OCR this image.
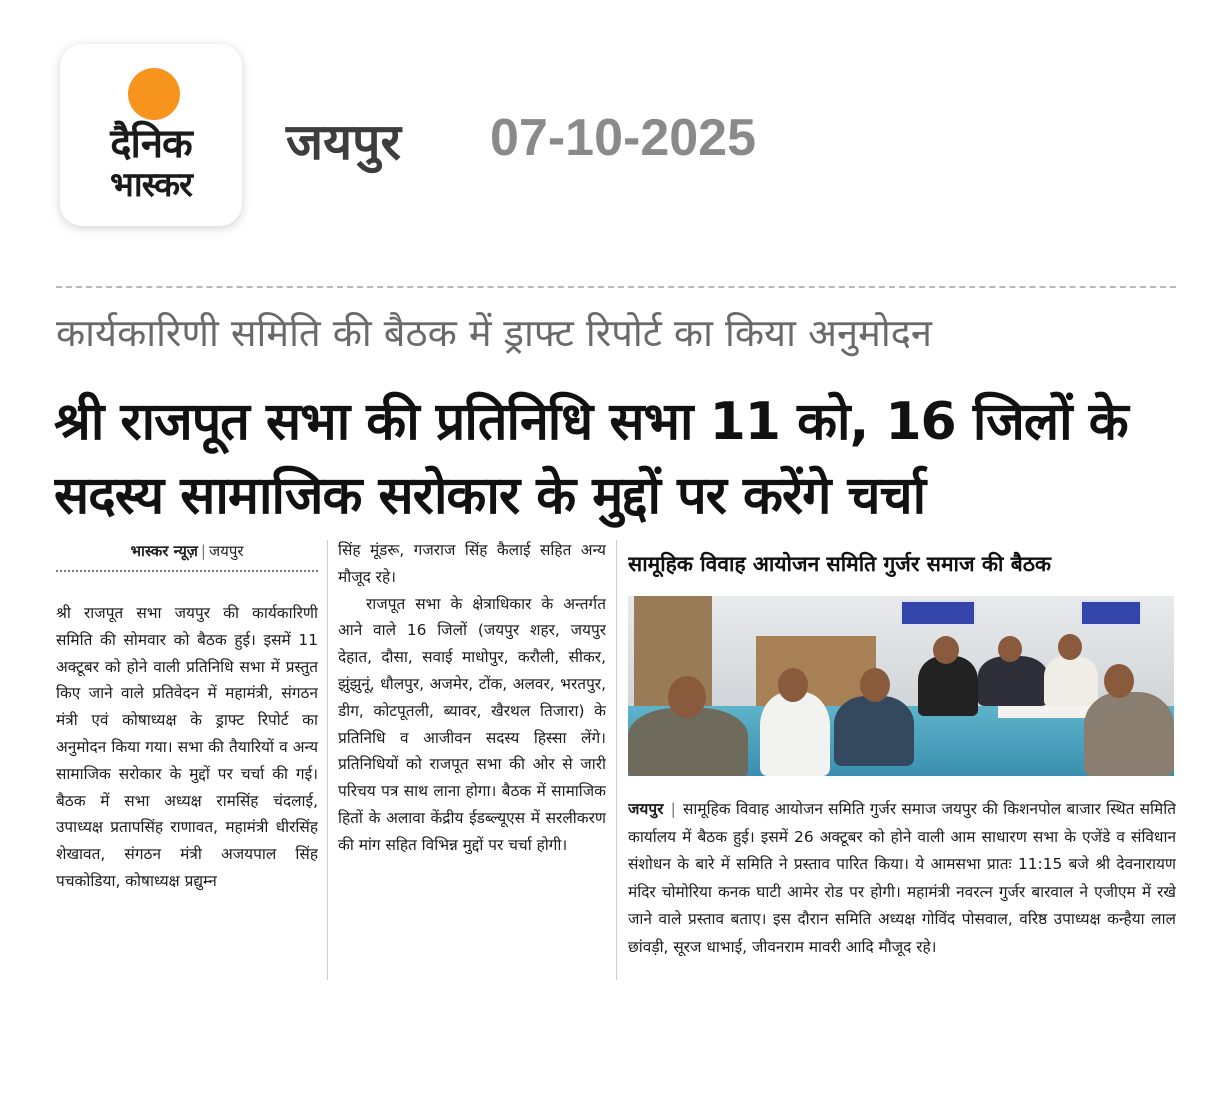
दैनिक
भास्कर
जयपुर 07-10-2025
कार्यकारिणी समिति की बैठक में ड्राफ्ट रिपोर्ट का किया अनुमोदन
श्री राजपूत सभा की प्रतिनिधि सभा 11 को, 16 जिलों के
सदस्य सामाजिक सरोकार के मुद्दों पर करेंगे चर्चा
भास्कर न्यूज़ | जयपुर
श्री राजपूत सभा जयपुर की कार्यकारिणी समिति की सोमवार को बैठक हुई। इसमें 11 अक्टूबर को होने वाली प्रतिनिधि सभा में प्रस्तुत किए जाने वाले प्रतिवेदन में महामंत्री, संगठन मंत्री एवं कोषाध्यक्ष के ड्राफ्ट रिपोर्ट का अनुमोदन किया गया। सभा की तैयारियों व अन्य सामाजिक सरोकार के मुद्दों पर चर्चा की गई। बैठक में सभा अध्यक्ष रामसिंह चंदलाई, उपाध्यक्ष प्रतापसिंह राणावत, महामंत्री धीरसिंह शेखावत, संगठन मंत्री अजयपाल सिंह पचकोडिया, कोषाध्यक्ष प्रद्युम्न

सिंह मूंडरू, गजराज सिंह कैलाई सहित अन्य मौजूद रहे।

राजपूत सभा के क्षेत्राधिकार के अन्तर्गत आने वाले 16 जिलों (जयपुर शहर, जयपुर देहात, दौसा, सवाई माधोपुर, करौली, सीकर, झुंझुनूं, धौलपुर, अजमेर, टोंक, अलवर, भरतपुर, डीग, कोटपूतली, ब्यावर, खैरथल तिजारा) के प्रतिनिधि व आजीवन सदस्य हिस्सा लेंगे। प्रतिनिधियों को राजपूत सभा की ओर से जारी परिचय पत्र साथ लाना होगा। बैठक में सामाजिक हितों के अलावा केंद्रीय ईडब्ल्यूएस में सरलीकरण की मांग सहित विभिन्न मुद्दों पर चर्चा होगी।

सामूहिक विवाह आयोजन समिति गुर्जर समाज की बैठक
जयपुर | सामूहिक विवाह आयोजन समिति गुर्जर समाज जयपुर की किशनपोल बाजार स्थित समिति कार्यालय में बैठक हुई। इसमें 26 अक्टूबर को होने वाली आम साधारण सभा के एजेंडे व संविधान संशोधन के बारे में समिति ने प्रस्ताव पारित किया। ये आमसभा प्रातः 11:15 बजे श्री देवनारायण मंदिर चोमोरिया कनक घाटी आमेर रोड पर होगी। महामंत्री नवरत्न गुर्जर बारवाल ने एजीएम में रखे जाने वाले प्रस्ताव बताए। इस दौरान समिति अध्यक्ष गोविंद पोसवाल, वरिष्ठ उपाध्यक्ष कन्हैया लाल छांवड़ी, सूरज धाभाई, जीवनराम मावरी आदि मौजूद रहे।
